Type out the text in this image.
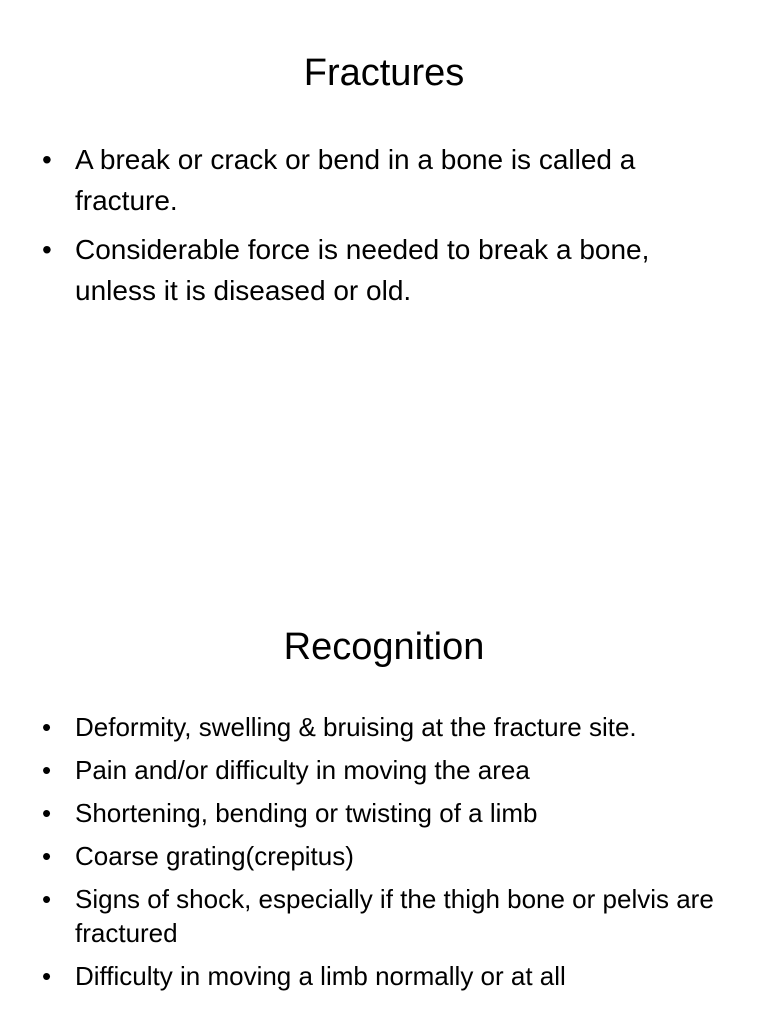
Fractures
• A break or crack or bend in a bone is called a fracture.
• Considerable force is needed to break a bone, unless it is diseased or old.
Recognition
• Deformity, swelling & bruising at the fracture site.
• Pain and/or difficulty in moving the area
• Shortening, bending or twisting of a limb
• Coarse grating(crepitus)
• Signs of shock, especially if the thigh bone or pelvis are fractured
• Difficulty in moving a limb normally or at all
